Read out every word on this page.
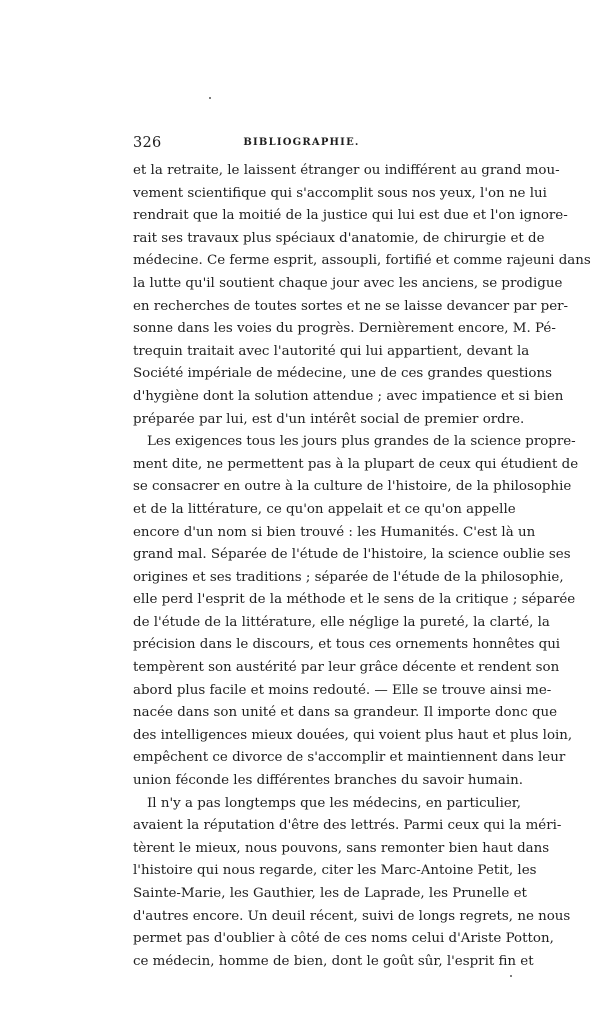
326	BIBLIOGRAPHIE.
et la retraite, le laissent étranger ou indifférent au grand mou-
vement scientifique qui s'accomplit sous nos yeux, l'on ne lui
rendrait que la moitié de la justice qui lui est due et l'on ignore-
rait ses travaux plus spéciaux d'anatomie, de chirurgie et de
médecine. Ce ferme esprit, assoupli, fortifié et comme rajeuni dans
la lutte qu'il soutient chaque jour avec les anciens, se prodigue
en recherches de toutes sortes et ne se laisse devancer par per-
sonne dans les voies du progrès. Dernièrement encore, M. Pé-
trequin traitait avec l'autorité qui lui appartient, devant la
Société impériale de médecine, une de ces grandes questions
d'hygiène dont la solution attendue ; avec impatience et si bien
préparée par lui, est d'un intérêt social de premier ordre.
Les exigences tous les jours plus grandes de la science propre-
ment dite, ne permettent pas à la plupart de ceux qui étudient de
se consacrer en outre à la culture de l'histoire, de la philosophie
et de la littérature, ce qu'on appelait et ce qu'on appelle
encore d'un nom si bien trouvé : les Humanités. C'est là un
grand mal. Séparée de l'étude de l'histoire, la science oublie ses
origines et ses traditions ; séparée de l'étude de la philosophie,
elle perd l'esprit de la méthode et le sens de la critique ; séparée
de l'étude de la littérature, elle néglige la pureté, la clarté, la
précision dans le discours, et tous ces ornements honnêtes qui
tempèrent son austérité par leur grâce décente et rendent son
abord plus facile et moins redouté. — Elle se trouve ainsi me-
nacée dans son unité et dans sa grandeur. Il importe donc que
des intelligences mieux douées, qui voient plus haut et plus loin,
empêchent ce divorce de s'accomplir et maintiennent dans leur
union féconde les différentes branches du savoir humain.
Il n'y a pas longtemps que les médecins, en particulier,
avaient la réputation d'être des lettrés. Parmi ceux qui la méri-
tèrent le mieux, nous pouvons, sans remonter bien haut dans
l'histoire qui nous regarde, citer les Marc-Antoine Petit, les
Sainte-Marie, les Gauthier, les de Laprade, les Prunelle et
d'autres encore. Un deuil récent, suivi de longs regrets, ne nous
permet pas d'oublier à côté de ces noms celui d'Ariste Potton,
ce médecin, homme de bien, dont le goût sûr, l'esprit fin et
